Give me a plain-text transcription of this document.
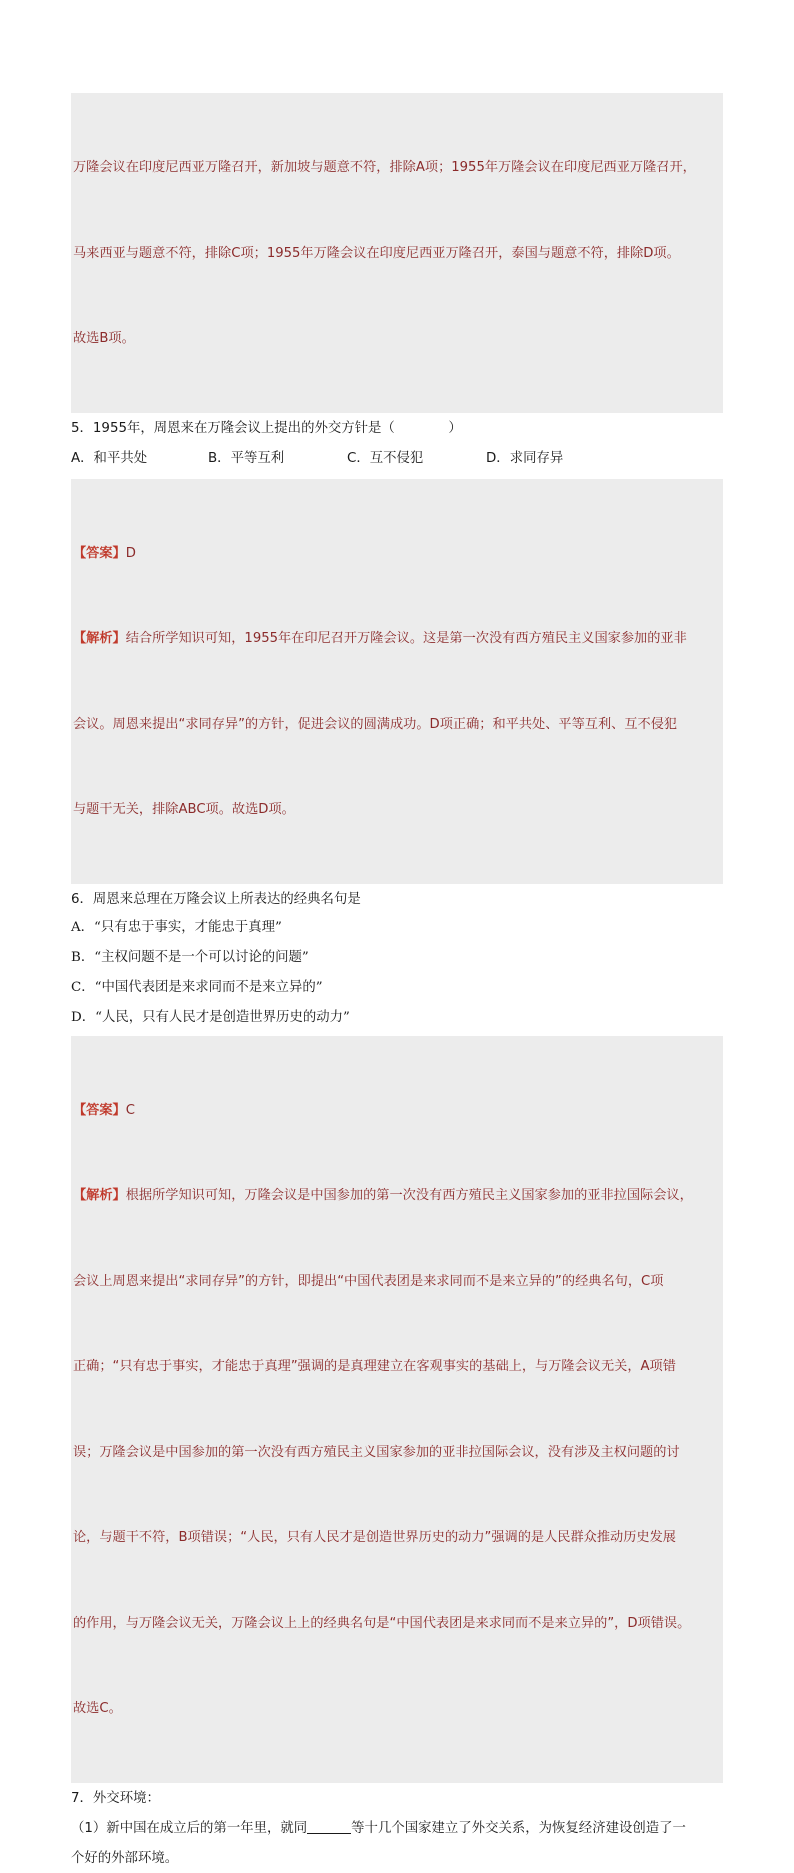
万隆会议在印度尼西亚万隆召开，新加坡与题意不符，排除A项；1955年万隆会议在印度尼西亚万隆召开，

马来西亚与题意不符，排除C项；1955年万隆会议在印度尼西亚万隆召开，泰国与题意不符，排除D项。

故选B项。

5．1955年，周恩来在万隆会议上提出的外交方针是（　　　　）
A．和平共处	B．平等互利	C．互不侵犯	D．求同存异

【答案】D

【解析】结合所学知识可知，1955年在印尼召开万隆会议。这是第一次没有西方殖民主义国家参加的亚非

会议。周恩来提出“求同存异”的方针，促进会议的圆满成功。D项正确；和平共处、平等互利、互不侵犯

与题干无关，排除ABC项。故选D项。

6．周恩来总理在万隆会议上所表达的经典名句是
A．“只有忠于事实，才能忠于真理”
B．“主权问题不是一个可以讨论的问题”
C．“中国代表团是来求同而不是来立异的”
D．“人民，只有人民才是创造世界历史的动力”

【答案】C

【解析】根据所学知识可知，万隆会议是中国参加的第一次没有西方殖民主义国家参加的亚非拉国际会议，

会议上周恩来提出“求同存异”的方针，即提出“中国代表团是来求同而不是来立异的”的经典名句，C项

正确；“只有忠于事实，才能忠于真理”强调的是真理建立在客观事实的基础上，与万隆会议无关，A项错

误；万隆会议是中国参加的第一次没有西方殖民主义国家参加的亚非拉国际会议，没有涉及主权问题的讨

论，与题干不符，B项错误；“人民，只有人民才是创造世界历史的动力”强调的是人民群众推动历史发展

的作用，与万隆会议无关，万隆会议上上的经典名句是“中国代表团是来求同而不是来立异的”，D项错误。

故选C。

7．外交环境：
（1）新中国在成立后的第一年里，就同	等十几个国家建立了外交关系，为恢复经济建设创造了一
个好的外部环境。
